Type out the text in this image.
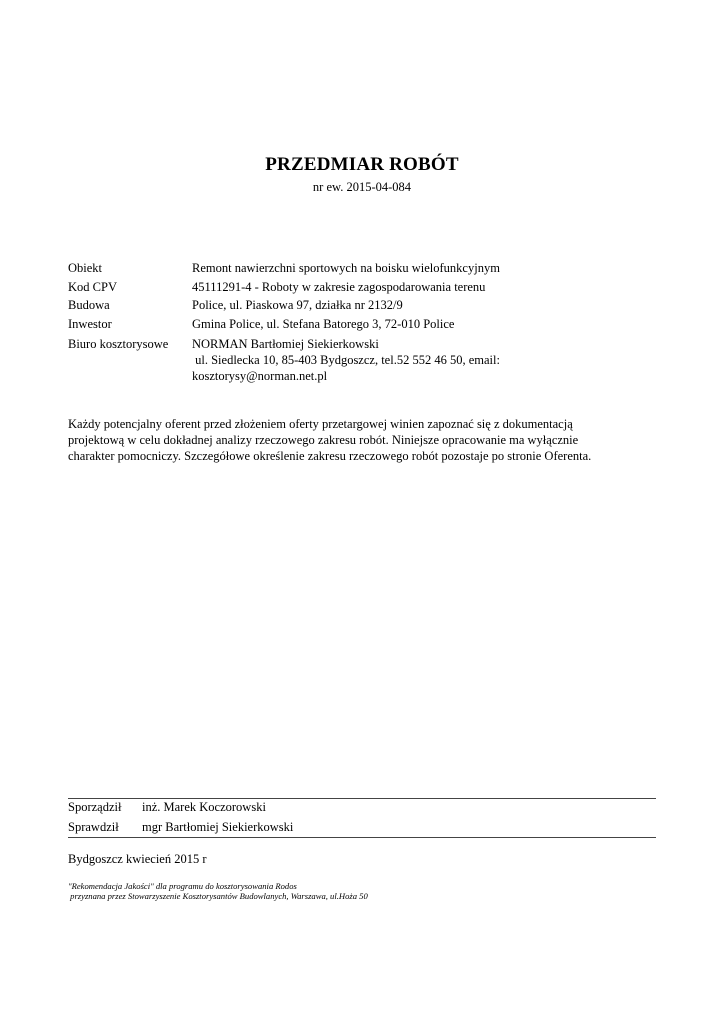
PRZEDMIAR ROBÓT
nr ew. 2015-04-084
Obiekt	Remont nawierzchni sportowych na boisku wielofunkcyjnym
Kod CPV	45111291-4 - Roboty w zakresie zagospodarowania terenu
Budowa	Police, ul. Piaskowa 97, działka nr 2132/9
Inwestor	Gmina Police, ul. Stefana Batorego 3, 72-010 Police
Biuro kosztorysowe	NORMAN Bartłomiej Siekierkowski
ul. Siedlecka 10, 85-403 Bydgoszcz, tel.52 552 46 50, email:
kosztorysy@norman.net.pl
Każdy potencjalny oferent przed złożeniem oferty przetargowej winien zapoznać się z dokumentacją
projektową w celu dokładnej analizy rzeczowego zakresu robót. Niniejsze opracowanie ma wyłącznie
charakter pomocniczy. Szczegółowe określenie zakresu rzeczowego robót pozostaje po stronie Oferenta.
Sporządził	inż. Marek Koczorowski
Sprawdził	mgr Bartłomiej Siekierkowski
Bydgoszcz kwiecień 2015 r
"Rekomendacja Jakości" dla programu do kosztorysowania Rodos
przyznana przez Stowarzyszenie Kosztorysantów Budowlanych, Warszawa, ul.Hoża 50
